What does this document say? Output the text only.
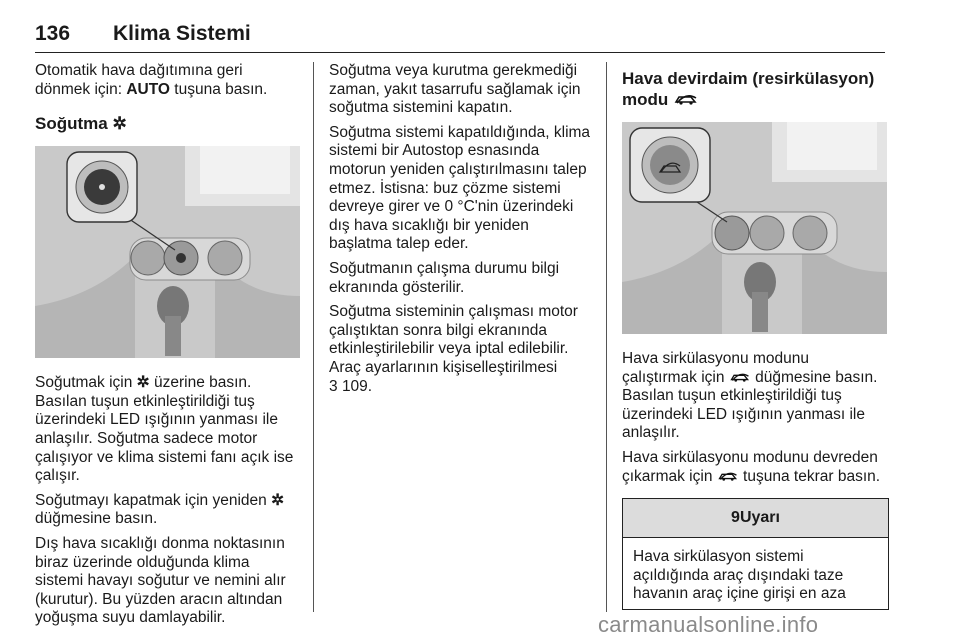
136 Klima Sistemi

Otomatik hava dağıtımına geri dönmek için: AUTO tuşuna basın.

Soğutma ✲

Soğutmak için ✲ üzerine basın. Basılan tuşun etkinleştirildiği tuş üzerindeki LED ışığının yanması ile anlaşılır. Soğutma sadece motor çalışıyor ve klima sistemi fanı açık ise çalışır.

Soğutmayı kapatmak için yeniden ✲ düğmesine basın.

Dış hava sıcaklığı donma noktasının biraz üzerinde olduğunda klima sistemi havayı soğutur ve nemini alır (kurutur). Bu yüzden aracın altından yoğuşma suyu damlayabilir.

Soğutma veya kurutma gerekmediği zaman, yakıt tasarrufu sağlamak için soğutma sistemini kapatın.

Soğutma sistemi kapatıldığında, klima sistemi bir Autostop esnasında motorun yeniden çalıştırılmasını talep etmez. İstisna: buz çözme sistemi devreye girer ve 0 °C'nin üzerindeki dış hava sıcaklığı bir yeniden başlatma talep eder.

Soğutmanın çalışma durumu bilgi ekranında gösterilir.

Soğutma sisteminin çalışması motor çalıştıktan sonra bilgi ekranında etkinleştirilebilir veya iptal edilebilir. Araç ayarlarının kişiselleştirilmesi
3 109.

Hava devirdaim (resirkülasyon) modu

Hava sirkülasyonu modunu
çalıştırmak için  düğmesine basın. Basılan tuşun etkinleştirildiği tuş üzerindeki LED ışığının yanması ile anlaşılır.

Hava sirkülasyonu modunu devreden çıkarmak için  tuşuna tekrar basın.

9Uyarı
Hava sirkülasyon sistemi açıldığında araç dışındaki taze havanın araç içine girişi en aza
carmanualsonline.info
